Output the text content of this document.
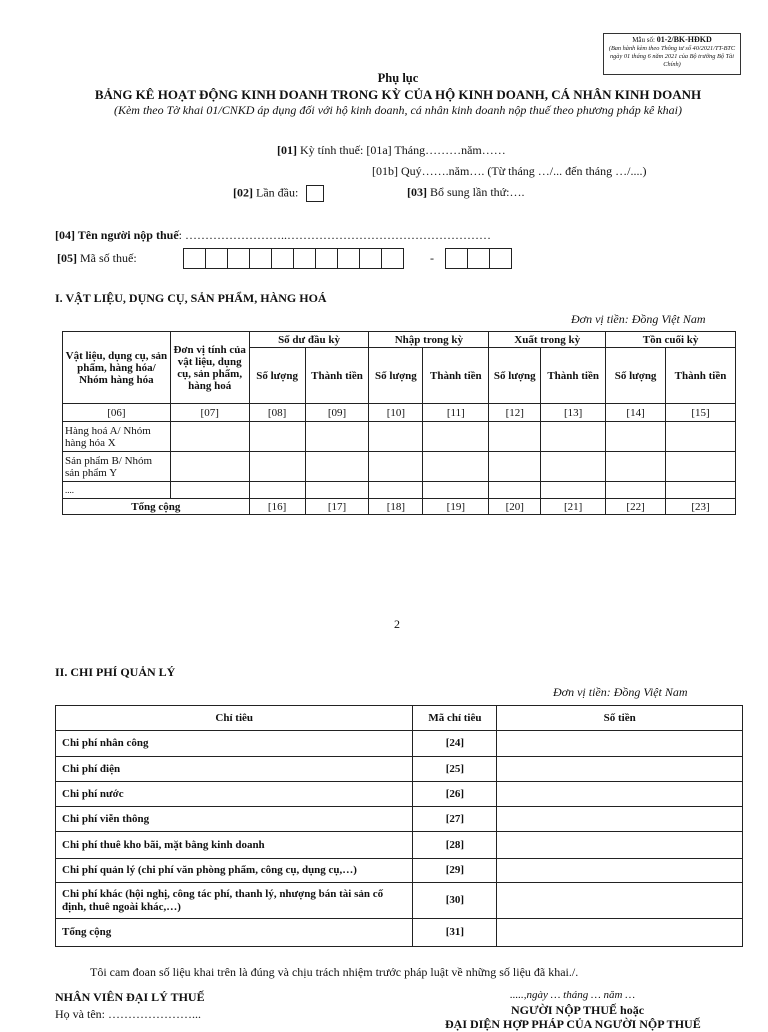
Mẫu số: 01-2/BK-HĐKD
(Ban hành kèm theo Thông tư số 40/2021/TT-BTC ngày 01 tháng 6 năm 2021 của Bộ trưởng Bộ Tài Chính)
Phụ lục
BẢNG KÊ HOẠT ĐỘNG KINH DOANH TRONG KỲ CỦA HỘ KINH DOANH, CÁ NHÂN KINH DOANH
(Kèm theo Tờ khai 01/CNKD áp dụng đối với hộ kinh doanh, cá nhân kinh doanh nộp thuế theo phương pháp kê khai)
[01] Kỳ tính thuế: [01a] Tháng………năm……
[01b] Quý…….năm…. (Từ tháng …/... đến tháng …/....)
[02] Lần đầu:	[03] Bổ sung lần thứ:….
[04] Tên người nộp thuế: ……………………..……………………………………………
[05] Mã số thuế:	-
I. VẬT LIỆU, DỤNG CỤ, SẢN PHẨM, HÀNG HOÁ
Đơn vị tiền: Đồng Việt Nam
Vật liệu, dụng cụ, sản phẩm, hàng hóa/ Nhóm hàng hóa	Đơn vị tính của vật liệu, dụng cụ, sản phẩm, hàng hoá	Số dư đầu kỳ		Nhập trong kỳ		Xuất trong kỳ		Tồn cuối kỳ	
		Số lượng	Thành tiền	Số lượng	Thành tiền	Số lượng	Thành tiền	Số lượng	Thành tiền
[06]	[07]	[08]	[09]	[10]	[11]	[12]	[13]	[14]	[15]
Hàng hoá A/ Nhóm hàng hóa X									
Sản phẩm B/ Nhóm sản phẩm Y									
....									
Tổng cộng		[16]	[17]	[18]	[19]	[20]	[21]	[22]	[23]
2
II. CHI PHÍ QUẢN LÝ
Đơn vị tiền: Đồng Việt Nam
Chỉ tiêu	Mã chỉ tiêu	Số tiền
Chi phí nhân công	[24]	
Chi phí điện	[25]	
Chi phí nước	[26]	
Chi phí viễn thông	[27]	
Chi phí thuê kho bãi, mặt bằng kinh doanh	[28]	
Chi phí quản lý (chi phí văn phòng phẩm, công cụ, dụng cụ,…)	[29]	
Chi phí khác (hội nghị, công tác phí, thanh lý, nhượng bán tài sản cố định, thuê ngoài khác,…)	[30]	
Tổng cộng	[31]	
Tôi cam đoan số liệu khai trên là đúng và chịu trách nhiệm trước pháp luật về những số liệu đã khai./.
NHÂN VIÊN ĐẠI LÝ THUẾ
Họ và tên: …………………...
.....,ngày … tháng … năm …
NGƯỜI NỘP THUẾ hoặc
ĐẠI DIỆN HỢP PHÁP CỦA NGƯỜI NỘP THUẾ
